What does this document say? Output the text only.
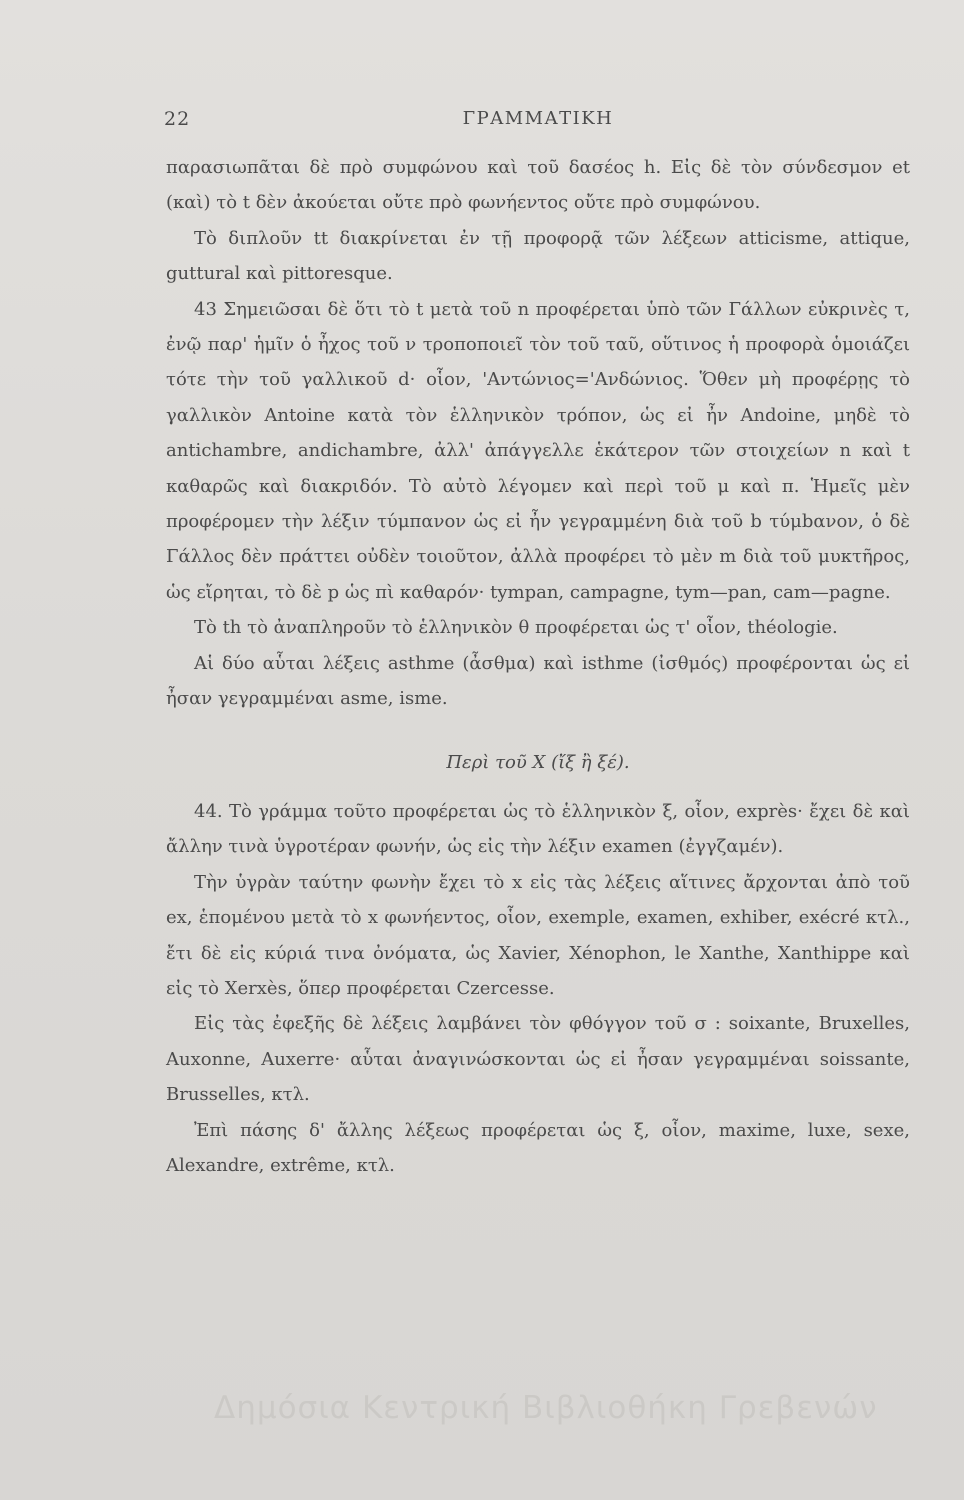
22	ΓΡΑΜΜΑΤΙΚΗ

παρασιωπᾶται δὲ πρὸ συμφώνου καὶ τοῦ δασέος h. Εἰς δὲ τὸν σύνδεσμον et (καὶ) τὸ t δὲν ἀκούεται οὔτε πρὸ φωνήεντος οὔτε πρὸ συμφώνου.

Τὸ διπλοῦν tt διακρίνεται ἐν τῇ προφορᾷ τῶν λέξεων atticisme, attique, guttural καὶ pittoresque.

43 Σημειῶσαι δὲ ὅτι τὸ t μετὰ τοῦ n προφέρεται ὑπὸ τῶν Γάλλων εὐκρινὲς τ, ἐνῷ παρ' ἡμῖν ὁ ἦχος τοῦ ν τροποποιεῖ τὸν τοῦ ταῦ, οὕτινος ἡ προφορὰ ὁμοιάζει τότε τὴν τοῦ γαλλικοῦ d· οἷον, 'Αντώνιος='Ανδώνιος. Ὅθεν μὴ προφέρῃς τὸ γαλλικὸν Antoine κατὰ τὸν ἑλληνικὸν τρόπον, ὡς εἰ ἦν Andoine, μηδὲ τὸ antichambre, andichambre, ἀλλ' ἀπάγγελλε ἑκάτερον τῶν στοιχείων n καὶ t καθαρῶς καὶ διακριδόν. Τὸ αὐτὸ λέγομεν καὶ περὶ τοῦ μ καὶ π. Ἡμεῖς μὲν προφέρομεν τὴν λέξιν τύμπανον ὡς εἰ ἦν γεγραμμένη διὰ τοῦ b τύμbανον, ὁ δὲ Γάλλος δὲν πράττει οὐδὲν τοιοῦτον, ἀλλὰ προφέρει τὸ μὲν m διὰ τοῦ μυκτῆρος, ὡς εἴρηται, τὸ δὲ p ὡς πὶ καθαρόν· tympan, campagne, tym—pan, cam—pagne.

Τὸ th τὸ ἀναπληροῦν τὸ ἑλληνικὸν θ προφέρεται ὡς τ' οἷον, théologie.

Αἱ δύο αὗται λέξεις asthme (ἆσθμα) καὶ isthme (ἰσθμός) προφέρονται ὡς εἰ ἦσαν γεγραμμέναι asme, isme.

Περὶ τοῦ X (ἴξ ἢ ξέ).

44. Τὸ γράμμα τοῦτο προφέρεται ὡς τὸ ἑλληνικὸν ξ, οἷον, exprès· ἔχει δὲ καὶ ἄλλην τινὰ ὑγροτέραν φωνήν, ὡς εἰς τὴν λέξιν examen (ἐγγζαμέν).

Τὴν ὑγρὰν ταύτην φωνὴν ἔχει τὸ x εἰς τὰς λέξεις αἵτινες ἄρχονται ἀπὸ τοῦ ex, ἑπομένου μετὰ τὸ x φωνήεντος, οἷον, exemple, examen, exhiber, exécré κτλ., ἔτι δὲ εἰς κύριά τινα ὀνόματα, ὡς Xavier, Xénophon, le Xanthe, Xanthippe καὶ εἰς τὸ Xerxès, ὅπερ προφέρεται Czercesse.

Εἰς τὰς ἐφεξῆς δὲ λέξεις λαμβάνει τὸν φθόγγον τοῦ σ : soixante, Bruxelles, Auxonne, Auxerre· αὗται ἀναγινώσκονται ὡς εἰ ἦσαν γεγραμμέναι soissante, Brusselles, κτλ.

Ἐπὶ πάσης δ' ἄλλης λέξεως προφέρεται ὡς ξ, οἷον, maxime, luxe, sexe, Alexandre, extrême, κτλ.

Δημόσια Κεντρική Βιβλιοθήκη Γρεβενών
